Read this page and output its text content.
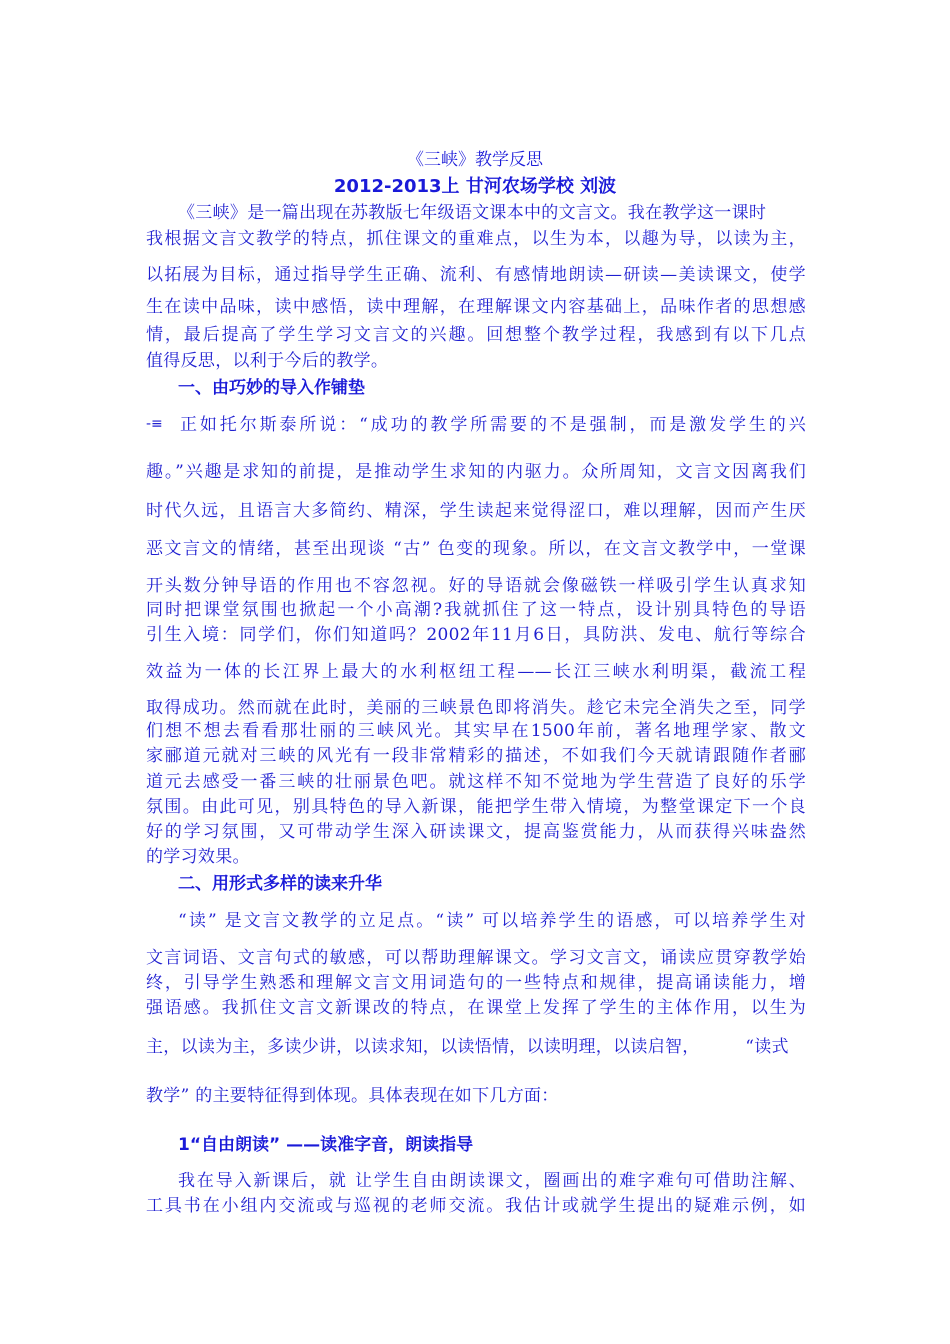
《三峡》教学反思
2012-2013上 甘河农场学校 刘波
《三峡》是一篇出现在苏教版七年级语文课本中的文言文。我在教学这一课时
我根据文言文教学的特点，抓住课文的重难点，以生为本，以趣为导，以读为主，
以拓展为目标，通过指导学生正确、流利、有感情地朗读—研读—美读课文，使学
生在读中品味，读中感悟，读中理解，在理解课文内容基础上，品味作者的思想感
情，最后提高了学生学习文言文的兴趣。回想整个教学过程，我感到有以下几点
值得反思，以利于今后的教学。
一、由巧妙的导入作铺垫
-≡ 正如托尔斯泰所说：“成功的教学所需要的不是强制，而是激发学生的兴
趣。”兴趣是求知的前提，是推动学生求知的内驱力。众所周知，文言文因离我们
时代久远，且语言大多简约、精深，学生读起来觉得涩口，难以理解，因而产生厌
恶文言文的情绪，甚至出现谈 “古” 色变的现象。所以，在文言文教学中，一堂课
开头数分钟导语的作用也不容忽视。好的导语就会像磁铁一样吸引学生认真求知
同时把课堂氛围也掀起一个小高潮?我就抓住了这一特点，设计别具特色的导语
引生入境：同学们，你们知道吗？2002年11月6日，具防洪、发电、航行等综合
效益为一体的长江界上最大的水利枢纽工程——长江三峡水利明渠，截流工程
取得成功。然而就在此时，美丽的三峡景色即将消失。趁它未完全消失之至，同学
们想不想去看看那壮丽的三峡风光。其实早在1500年前，著名地理学家、散文
家郦道元就对三峡的风光有一段非常精彩的描述，不如我们今天就请跟随作者郦
道元去感受一番三峡的壮丽景色吧。就这样不知不觉地为学生营造了良好的乐学
氛围。由此可见，别具特色的导入新课，能把学生带入情境，为整堂课定下一个良
好的学习氛围，又可带动学生深入研读课文，提高鉴赏能力，从而获得兴味盎然
的学习效果。
二、用形式多样的读来升华
“读” 是文言文教学的立足点。“读” 可以培养学生的语感，可以培养学生对
文言词语、文言句式的敏感，可以帮助理解课文。学习文言文，诵读应贯穿教学始
终，引导学生熟悉和理解文言文用词造句的一些特点和规律，提高诵读能力，增
强语感。我抓住文言文新课改的特点，在课堂上发挥了学生的主体作用，以生为
主，以读为主，多读少讲，以读求知，以读悟情，以读明理，以读启智，        “读式
教学” 的主要特征得到体现。具体表现在如下几方面：
1“自由朗读” ——读准字音，朗读指导
我在导入新课后，就 让学生自由朗读课文，圈画出的难字难句可借助注解、
工具书在小组内交流或与巡视的老师交流。我估计或就学生提出的疑难示例，如
